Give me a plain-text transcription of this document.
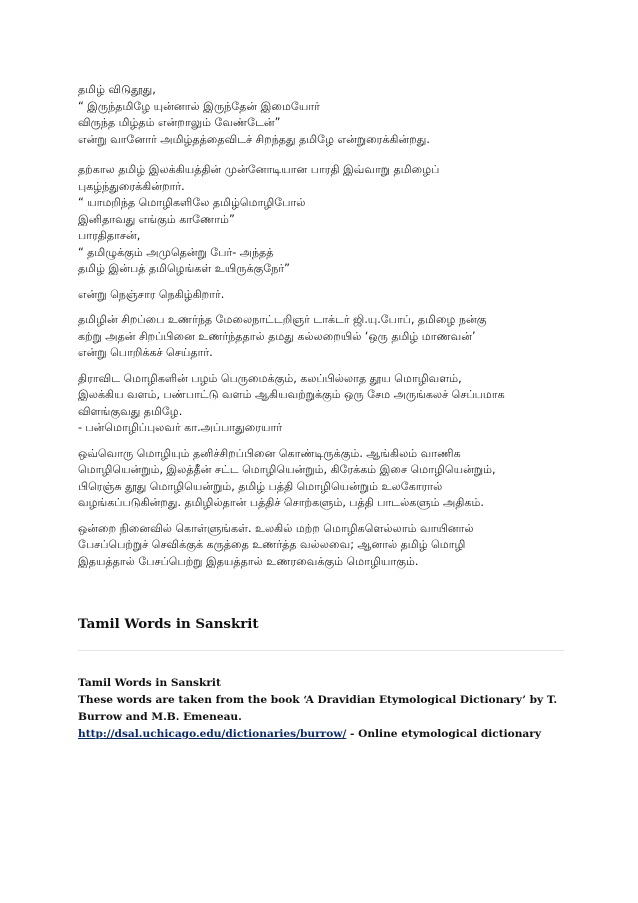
தமிழ் விடுதூது,
“ இருந்தமிழே யுன்னால் இருந்தேன் இமையோர்
விருந்த மிழ்தம் என்றாலும் வேண்டேன்”
என்று வானோர் அமிழ்தத்தைவிடச் சிறந்தது தமிழே என்றுரைக்கின்றது.
தற்கால தமிழ் இலக்கியத்தின் முன்னோடியான பாரதி இவ்வாறு தமிழைப்
புகழ்ந்துரைக்கின்றார்.
“ யாமறிந்த மொழிகளிலே தமிழ்மொழிபோல்
இனிதாவது எங்கும் காணோம்”
பாரதிதாசன்,
“ தமிழுக்கும் அமுதென்று பேர்- அந்தத்
தமிழ் இன்பத் தமிழெங்கள் உயிருக்குநேர்”
என்று நெஞ்சார நெகிழ்கிறார்.
தமிழின் சிறப்பை உணர்ந்த மேலைநாட்டறிஞர் டாக்டர் ஜி.யு.போப், தமிழை நன்கு
கற்று அதன் சிறப்பினை உணர்ந்ததால் தமது கல்லறையில் ‘ஒரு தமிழ் மாணவன்’
என்று பொறிக்கச் செய்தார்.
திராவிட மொழிகளின் பழம் பெருமைக்கும், கலப்பில்லாத தூய மொழிவளம்,
இலக்கிய வளம், பண்பாட்டு வளம் ஆகியவற்றுக்கும் ஒரு சேம அருங்கலச் செப்பமாக
விளங்குவது தமிழே.
- பன்மொழிப்புலவர் கா.அப்பாதுரையார்
ஒவ்வொரு மொழியும் தனிச்சிறப்பினை கொண்டிருக்கும். ஆங்கிலம் வாணிக
மொழியென்றும், இலத்தீன் சட்ட மொழியென்றும், கிரேக்கம் இசை மொழியென்றும்,
பிரெஞ்சு தூது மொழியென்றும், தமிழ் பத்தி மொழியென்றும் உலகோரால்
வழங்கப்படுகின்றது. தமிழில்தான் பத்திச் சொற்களும், பத்தி பாடல்களும் அதிகம்.
ஒன்றை நினைவில் கொள்ளுங்கள். உலகில் மற்ற மொழிகளெல்லாம் வாயினால்
பேசப்பெற்றுச் செவிக்குக் கருத்தை உணர்த்த வல்லவை; ஆனால் தமிழ் மொழி
இதயத்தால் பேசப்பெற்று இதயத்தால் உணரவைக்கும் மொழியாகும்.
Tamil Words in Sanskrit
Tamil Words in Sanskrit
These words are taken from the book ‘A Dravidian Etymological Dictionary’ by T.
Burrow and M.B. Emeneau.
http://dsal.uchicago.edu/dictionaries/burrow/ - Online etymological dictionary
